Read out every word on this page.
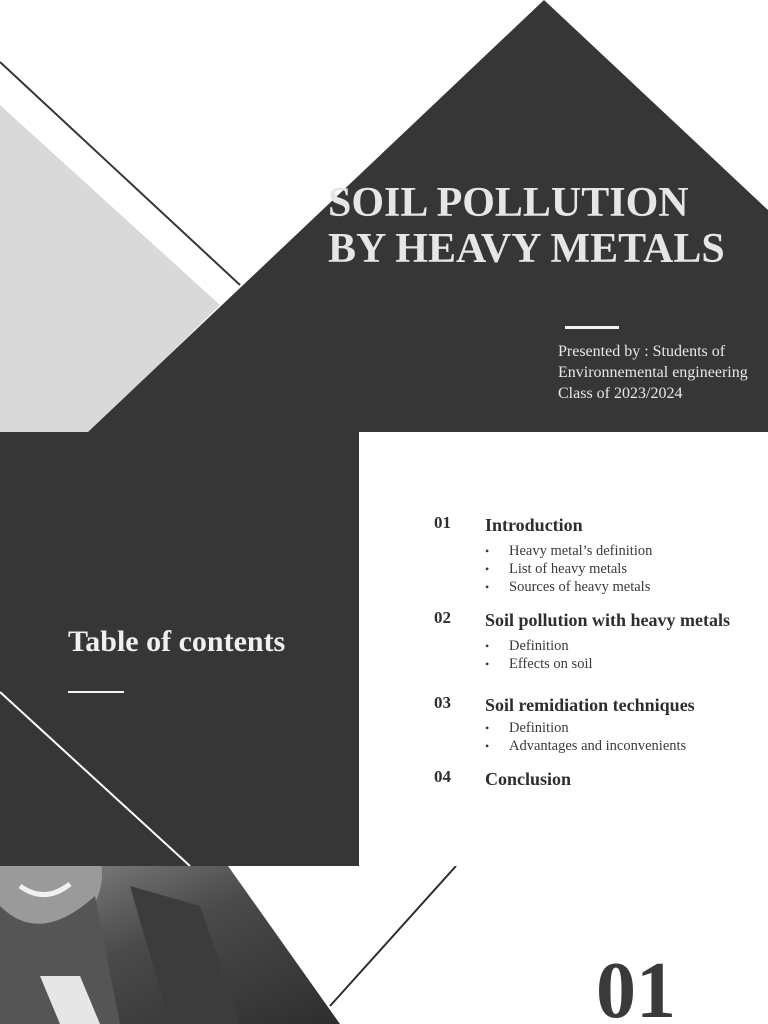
SOIL POLLUTION BY HEAVY METALS
Presented by : Students of Environnemental engineering Class of 2023/2024
Table of contents
01 Introduction
• Heavy metal’s definition
• List of heavy metals
• Sources of heavy metals
02 Soil pollution with heavy metals
• Definition
• Effects on soil
03 Soil remidiation techniques
• Definition
• Advantages and inconvenients
04 Conclusion
01
